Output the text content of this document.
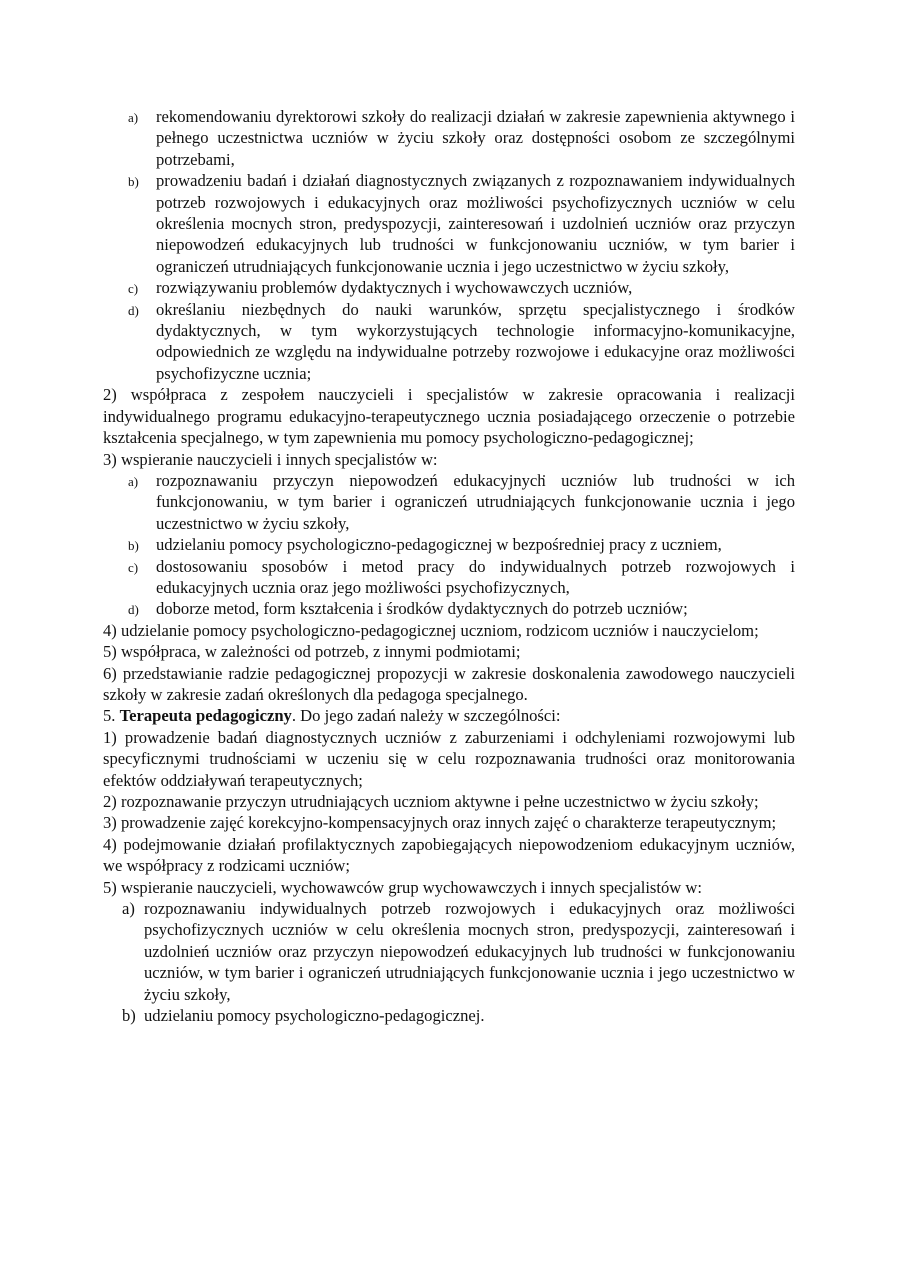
a) rekomendowaniu dyrektorowi szkoły do realizacji działań w zakresie zapewnienia aktywnego i pełnego uczestnictwa uczniów w życiu szkoły oraz dostępności osobom ze szczególnymi potrzebami,

b) prowadzeniu badań i działań diagnostycznych związanych z rozpoznawaniem indywidualnych potrzeb rozwojowych i edukacyjnych oraz możliwości psychofizycznych uczniów w celu określenia mocnych stron, predyspozycji, zainteresowań i uzdolnień uczniów oraz przyczyn niepowodzeń edukacyjnych lub trudności w funkcjonowaniu uczniów, w tym barier i ograniczeń utrudniających funkcjonowanie ucznia i jego uczestnictwo w życiu szkoły,

c) rozwiązywaniu problemów dydaktycznych i wychowawczych uczniów,

d) określaniu niezbędnych do nauki warunków, sprzętu specjalistycznego i środków dydaktycznych, w tym wykorzystujących technologie informacyjno-komunikacyjne, odpowiednich ze względu na indywidualne potrzeby rozwojowe i edukacyjne oraz możliwości psychofizyczne ucznia;

2) współpraca z zespołem nauczycieli i specjalistów w zakresie opracowania i realizacji indywidualnego programu edukacyjno-terapeutycznego ucznia posiadającego orzeczenie o potrzebie kształcenia specjalnego, w tym zapewnienia mu pomocy psychologiczno-pedagogicznej;

3) wspieranie nauczycieli i innych specjalistów w:

a) rozpoznawaniu przyczyn niepowodzeń edukacyjnych uczniów lub trudności w ich funkcjonowaniu, w tym barier i ograniczeń utrudniających funkcjonowanie ucznia i jego uczestnictwo w życiu szkoły,

b) udzielaniu pomocy psychologiczno-pedagogicznej w bezpośredniej pracy z uczniem,

c) dostosowaniu sposobów i metod pracy do indywidualnych potrzeb rozwojowych i edukacyjnych ucznia oraz jego możliwości psychofizycznych,

d) doborze metod, form kształcenia i środków dydaktycznych do potrzeb uczniów;

4) udzielanie pomocy psychologiczno-pedagogicznej uczniom, rodzicom uczniów i nauczycielom;

5) współpraca, w zależności od potrzeb, z innymi podmiotami;

6) przedstawianie radzie pedagogicznej propozycji w zakresie doskonalenia zawodowego nauczycieli szkoły w zakresie zadań określonych dla pedagoga specjalnego.

5. Terapeuta pedagogiczny. Do jego zadań należy w szczególności:

1) prowadzenie badań diagnostycznych uczniów z zaburzeniami i odchyleniami rozwojowymi lub specyficznymi trudnościami w uczeniu się w celu rozpoznawania trudności oraz monitorowania efektów oddziaływań terapeutycznych;

2) rozpoznawanie przyczyn utrudniających uczniom aktywne i pełne uczestnictwo w życiu szkoły;

3) prowadzenie zajęć korekcyjno-kompensacyjnych oraz innych zajęć o charakterze terapeutycznym;

4) podejmowanie działań profilaktycznych zapobiegających niepowodzeniom edukacyjnym uczniów, we współpracy z rodzicami uczniów;

5) wspieranie nauczycieli, wychowawców grup wychowawczych i innych specjalistów w:

a) rozpoznawaniu indywidualnych potrzeb rozwojowych i edukacyjnych oraz możliwości psychofizycznych uczniów w celu określenia mocnych stron, predyspozycji, zainteresowań i uzdolnień uczniów oraz przyczyn niepowodzeń edukacyjnych lub trudności w funkcjonowaniu uczniów, w tym barier i ograniczeń utrudniających funkcjonowanie ucznia i jego uczestnictwo w życiu szkoły,

b) udzielaniu pomocy psychologiczno-pedagogicznej.
